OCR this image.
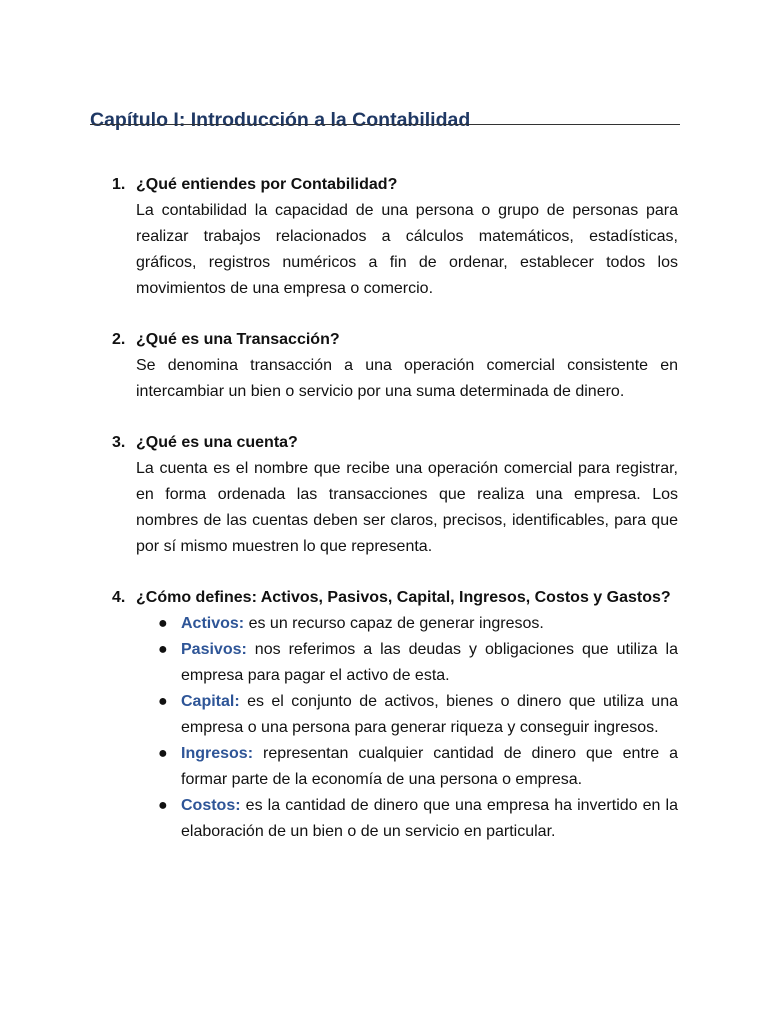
Capítulo I: Introducción a la Contabilidad
1. ¿Qué entiendes por Contabilidad?

La contabilidad la capacidad de una persona o grupo de personas para realizar trabajos relacionados a cálculos matemáticos, estadísticas, gráficos, registros numéricos a fin de ordenar, establecer todos los movimientos de una empresa o comercio.

2. ¿Qué es una Transacción?

Se denomina transacción a una operación comercial consistente en intercambiar un bien o servicio por una suma determinada de dinero.

3. ¿Qué es una cuenta?

La cuenta es el nombre que recibe una operación comercial para registrar, en forma ordenada las transacciones que realiza una empresa. Los nombres de las cuentas deben ser claros, precisos, identificables, para que por sí mismo muestren lo que representa.

4. ¿Cómo defines: Activos, Pasivos, Capital, Ingresos, Costos y Gastos?
● Activos: es un recurso capaz de generar ingresos.
● Pasivos: nos referimos a las deudas y obligaciones que utiliza la empresa para pagar el activo de esta.
● Capital: es el conjunto de activos, bienes o dinero que utiliza una empresa o una persona para generar riqueza y conseguir ingresos.
● Ingresos: representan cualquier cantidad de dinero que entre a formar parte de la economía de una persona o empresa.
● Costos: es la cantidad de dinero que una empresa ha invertido en la elaboración de un bien o de un servicio en particular.
